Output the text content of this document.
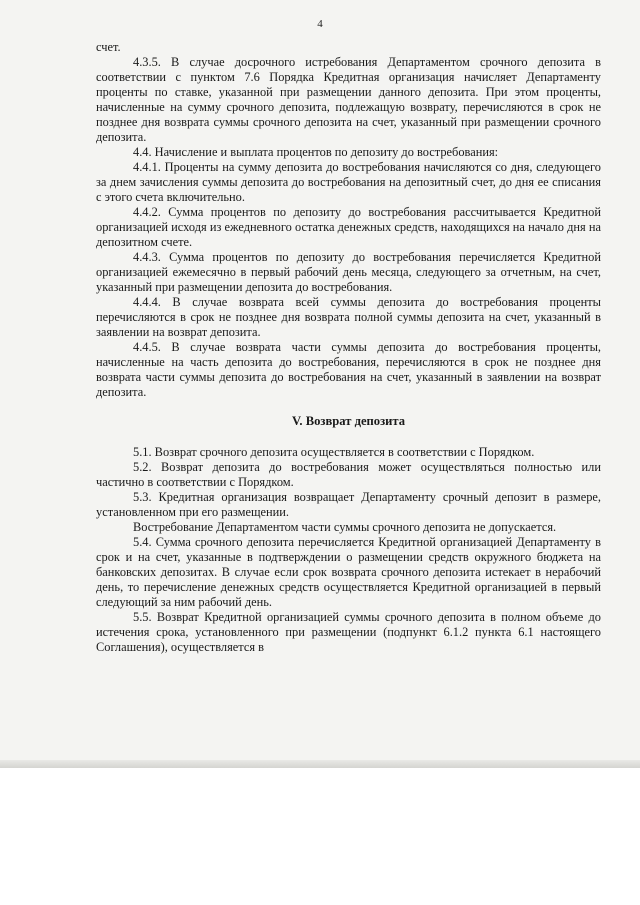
4

счет.

4.3.5. В случае досрочного истребования Департаментом срочного депозита в соответствии с пунктом 7.6 Порядка Кредитная организация начисляет Департаменту проценты по ставке, указанной при размещении данного депозита. При этом проценты, начисленные на сумму срочного депозита, подлежащую возврату, перечисляются в срок не позднее дня возврата суммы срочного депозита на счет, указанный при размещении срочного депозита.

4.4. Начисление и выплата процентов по депозиту до востребования:

4.4.1. Проценты на сумму депозита до востребования начисляются со дня, следующего за днем зачисления суммы депозита до востребования на депозитный счет, до дня ее списания с этого счета включительно.

4.4.2. Сумма процентов по депозиту до востребования рассчитывается Кредитной организацией исходя из ежедневного остатка денежных средств, находящихся на начало дня на депозитном счете.

4.4.3. Сумма процентов по депозиту до востребования перечисляется Кредитной организацией ежемесячно в первый рабочий день месяца, следующего за отчетным, на счет, указанный при размещении депозита до востребования.

4.4.4. В случае возврата всей суммы депозита до востребования проценты перечисляются в срок не позднее дня возврата полной суммы депозита на счет, указанный в заявлении на возврат депозита.

4.4.5. В случае возврата части суммы депозита до востребования проценты, начисленные на часть депозита до востребования, перечисляются в срок не позднее дня возврата части суммы депозита до востребования на счет, указанный в заявлении на возврат депозита.

V. Возврат депозита

5.1. Возврат срочного депозита осуществляется в соответствии с Порядком.

5.2. Возврат депозита до востребования может осуществляться полностью или частично в соответствии с Порядком.

5.3. Кредитная организация возвращает Департаменту срочный депозит в размере, установленном при его размещении.

Востребование Департаментом части суммы срочного депозита не допускается.

5.4. Сумма срочного депозита перечисляется Кредитной организацией Департаменту в срок и на счет, указанные в подтверждении о размещении средств окружного бюджета на банковских депозитах. В случае если срок возврата срочного депозита истекает в нерабочий день, то перечисление денежных средств осуществляется Кредитной организацией в первый следующий за ним рабочий день.

5.5. Возврат Кредитной организацией суммы срочного депозита в полном объеме до истечения срока, установленного при размещении (подпункт 6.1.2 пункта 6.1 настоящего Соглашения), осуществляется в
